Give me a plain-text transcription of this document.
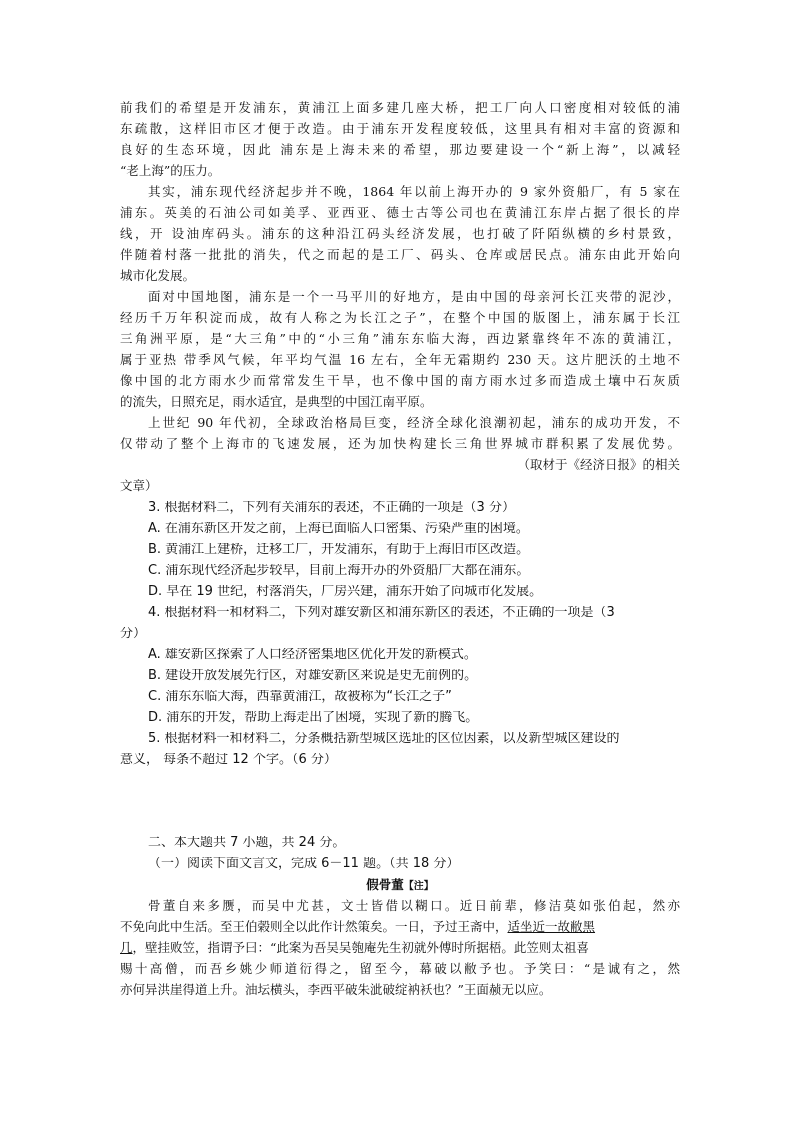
前我们的希望是开发浦东，黄浦江上面多建几座大桥，把工厂向人口密度相对较低的浦
东疏散，这样旧市区才便于改造。由于浦东开发程度较低，这里具有相对丰富的资源和
良好的生态环境，因此 浦东是上海未来的希望，那边要建设一个“新上海”，以减轻
“老上海”的压力。
其实，浦东现代经济起步并不晚，1864 年以前上海开办的 9 家外资船厂，有 5 家在
浦东。英美的石油公司如美孚、亚西亚、德士古等公司也在黄浦江东岸占据了很长的岸
线，开 设油库码头。浦东的这种沿江码头经济发展，也打破了阡陌纵横的乡村景致，
伴随着村落一批批的消失，代之而起的是工厂、码头、仓库或居民点。浦东由此开始向
城市化发展。
面对中国地图，浦东是一个一马平川的好地方，是由中国的母亲河长江夹带的泥沙，
经历千万年积淀而成，故有人称之为长江之子”，在整个中国的版图上，浦东属于长江
三角洲平原，是“大三角”中的“小三角”浦东东临大海，西边紧靠终年不冻的黄浦江，
属于亚热 带季风气候，年平均气温 16 左右，全年无霜期约 230 天。这片肥沃的土地不
像中国的北方雨水少而常常发生干旱，也不像中国的南方雨水过多而造成土壤中石灰质
的流失，日照充足，雨水适宜，是典型的中国江南平原。
上世纪 90 年代初，全球政治格局巨变，经济全球化浪潮初起，浦东的成功开发，不
仅带动了整个上海市的飞速发展，还为加快构建长三角世界城市群积累了发展优势。
（取材于《经济日报》的相关
文章）
3. 根据材料二，下列有关浦东的表述，不正确的一项是（3 分）
A. 在浦东新区开发之前，上海已面临人口密集、污染严重的困境。
B. 黄浦江上建桥，迁移工厂，开发浦东，有助于上海旧市区改造。
C. 浦东现代经济起步较早，目前上海开办的外资船厂大都在浦东。
D. 早在 19 世纪，村落消失，厂房兴建，浦东开始了向城市化发展。
4. 根据材料一和材料二，下列对雄安新区和浦东新区的表述，不正确的一项是（3
分）
A. 雄安新区探索了人口经济密集地区优化开发的新模式。
B. 建设开放发展先行区，对雄安新区来说是史无前例的。
C. 浦东东临大海，西靠黄浦江，故被称为“长江之子”
D. 浦东的开发，帮助上海走出了困境，实现了新的腾飞。
5. 根据材料一和材料二，分条概括新型城区选址的区位因素，以及新型城区建设的
意义， 每条不超过 12 个字。（6 分）
二、本大题共 7 小题，共 24 分。
（一）阅读下面文言文，完成 6－11 题。（共 18 分）
假骨董【注】
骨董自来多赝，而吴中尤甚，文士皆借以糊口。近日前辈，修洁莫如张伯起，然亦
不免向此中生活。至王伯榖则全以此作计然策矣。一日，予过王斋中，适坐近一故敝黑
几，壁挂败笠，指谓予曰：“此案为吾吴吴匏庵先生初就外傅时所据梧。此笠则太祖喜
赐十高僧，而吾乡姚少师道衍得之，留至今，幕破以敝予也。予笑曰：“是诚有之，然
亦何异洪崖得道上升。油坛横头，李西平破朱泚破绽衲袄也？”王面赪无以应。
